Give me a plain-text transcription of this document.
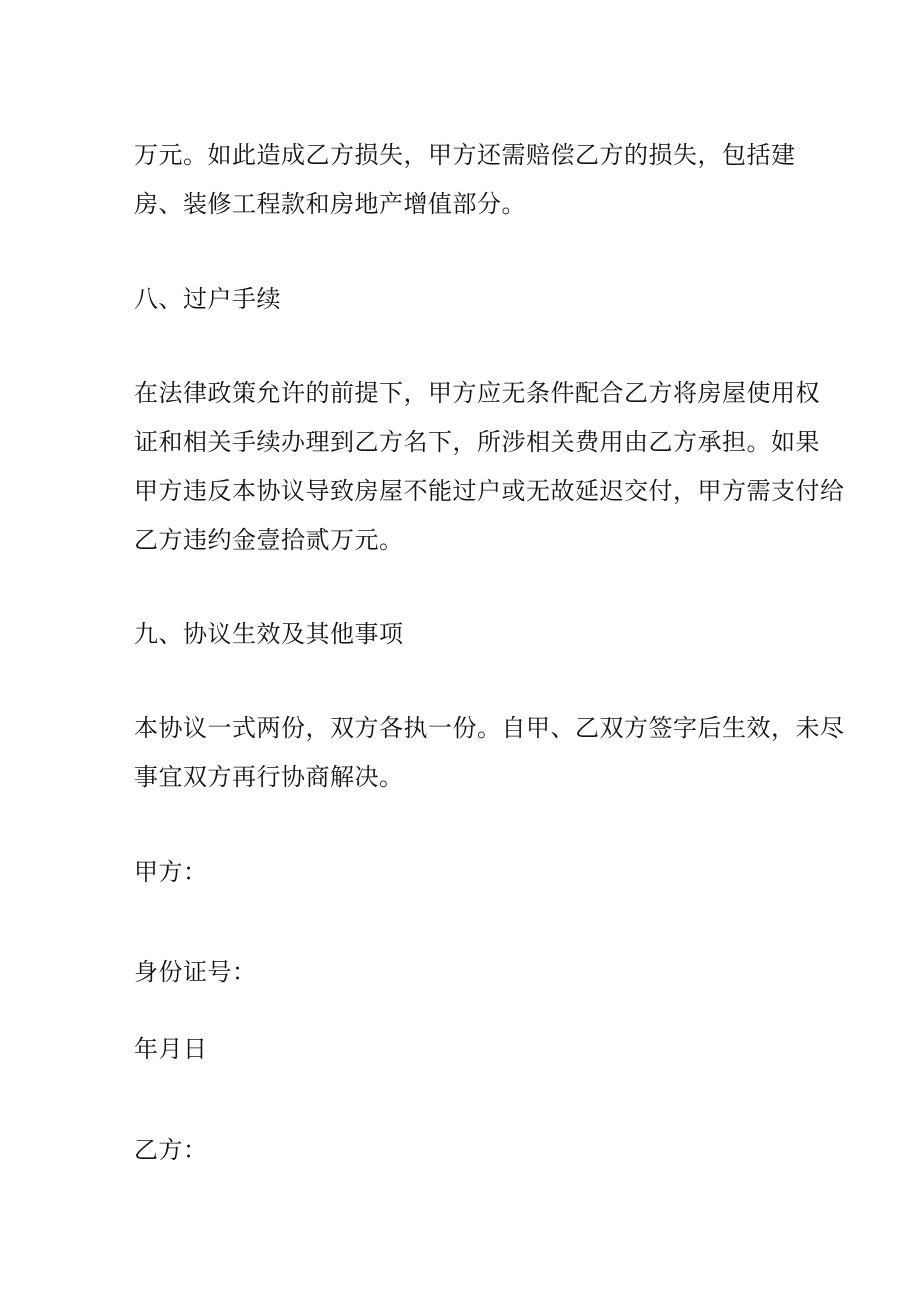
万元。如此造成乙方损失，甲方还需赔偿乙方的损失，包括建
房、装修工程款和房地产增值部分。
八、过户手续
在法律政策允许的前提下，甲方应无条件配合乙方将房屋使用权
证和相关手续办理到乙方名下，所涉相关费用由乙方承担。如果
甲方违反本协议导致房屋不能过户或无故延迟交付，甲方需支付给
乙方违约金壹拾贰万元。
九、协议生效及其他事项
本协议一式两份，双方各执一份。自甲、乙双方签字后生效，未尽
事宜双方再行协商解决。
甲方：
身份证号：
年月日
乙方：
